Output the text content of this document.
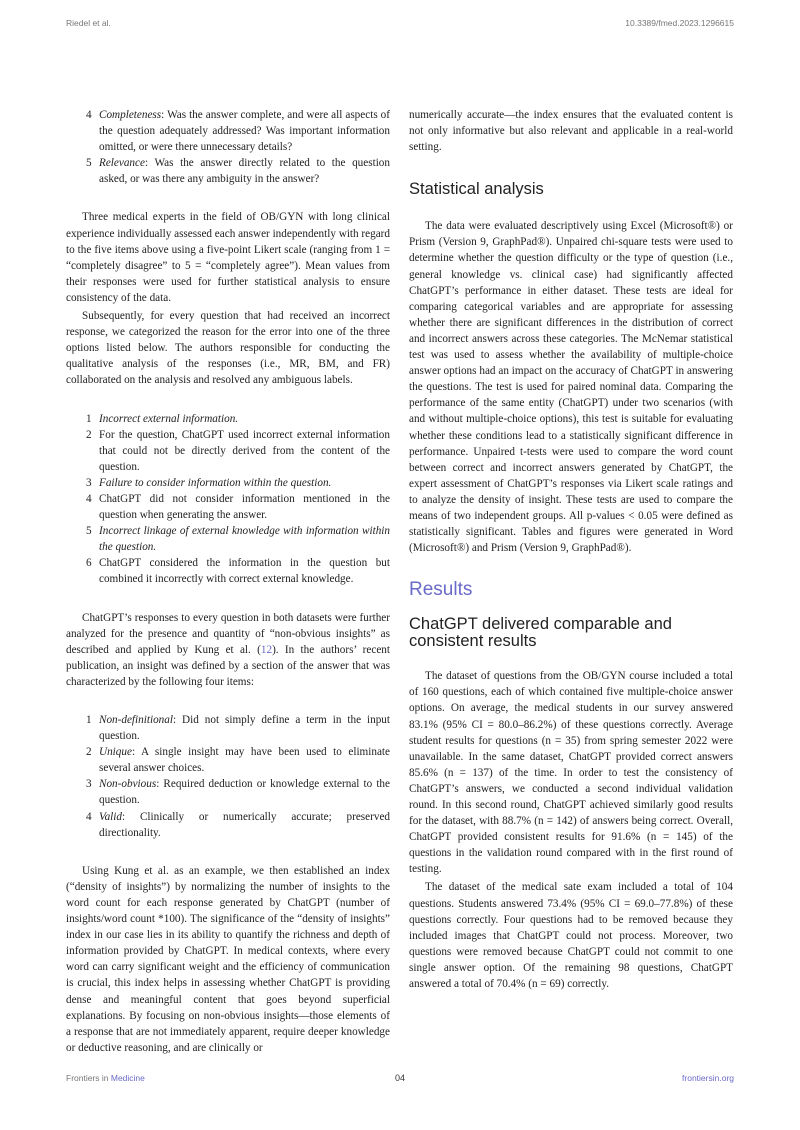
Riedel et al.	10.3389/fmed.2023.1296615
4 Completeness: Was the answer complete, and were all aspects of the question adequately addressed? Was important information omitted, or were there unnecessary details?
5 Relevance: Was the answer directly related to the question asked, or was there any ambiguity in the answer?

Three medical experts in the field of OB/GYN with long clinical experience individually assessed each answer independently with regard to the five items above using a five-point Likert scale (ranging from 1 = “completely disagree” to 5 = “completely agree”). Mean values from their responses were used for further statistical analysis to ensure consistency of the data.

Subsequently, for every question that had received an incorrect response, we categorized the reason for the error into one of the three options listed below. The authors responsible for conducting the qualitative analysis of the responses (i.e., MR, BM, and FR) collaborated on the analysis and resolved any ambiguous labels.

1 Incorrect external information.
2 For the question, ChatGPT used incorrect external information that could not be directly derived from the content of the question.
3 Failure to consider information within the question.
4 ChatGPT did not consider information mentioned in the question when generating the answer.
5 Incorrect linkage of external knowledge with information within the question.
6 ChatGPT considered the information in the question but combined it incorrectly with correct external knowledge.

ChatGPT’s responses to every question in both datasets were further analyzed for the presence and quantity of “non-obvious insights” as described and applied by Kung et al. (12). In the authors’ recent publication, an insight was defined by a section of the answer that was characterized by the following four items:

1 Non-definitional: Did not simply define a term in the input question.
2 Unique: A single insight may have been used to eliminate several answer choices.
3 Non-obvious: Required deduction or knowledge external to the question.
4 Valid: Clinically or numerically accurate; preserved directionality.

Using Kung et al. as an example, we then established an index (“density of insights”) by normalizing the number of insights to the word count for each response generated by ChatGPT (number of insights/word count *100). The significance of the “density of insights” index in our case lies in its ability to quantify the richness and depth of information provided by ChatGPT. In medical contexts, where every word can carry significant weight and the efficiency of communication is crucial, this index helps in assessing whether ChatGPT is providing dense and meaningful content that goes beyond superficial explanations. By focusing on non-obvious insights—those elements of a response that are not immediately apparent, require deeper knowledge or deductive reasoning, and are clinically or

numerically accurate—the index ensures that the evaluated content is not only informative but also relevant and applicable in a real-world setting.

Statistical analysis

The data were evaluated descriptively using Excel (Microsoft®) or Prism (Version 9, GraphPad®). Unpaired chi-square tests were used to determine whether the question difficulty or the type of question (i.e., general knowledge vs. clinical case) had significantly affected ChatGPT’s performance in either dataset. These tests are ideal for comparing categorical variables and are appropriate for assessing whether there are significant differences in the distribution of correct and incorrect answers across these categories. The McNemar statistical test was used to assess whether the availability of multiple-choice answer options had an impact on the accuracy of ChatGPT in answering the questions. The test is used for paired nominal data. Comparing the performance of the same entity (ChatGPT) under two scenarios (with and without multiple-choice options), this test is suitable for evaluating whether these conditions lead to a statistically significant difference in performance. Unpaired t-tests were used to compare the word count between correct and incorrect answers generated by ChatGPT, the expert assessment of ChatGPT’s responses via Likert scale ratings and to analyze the density of insight. These tests are used to compare the means of two independent groups. All p-values < 0.05 were defined as statistically significant. Tables and figures were generated in Word (Microsoft®) and Prism (Version 9, GraphPad®).

Results
ChatGPT delivered comparable and consistent results

The dataset of questions from the OB/GYN course included a total of 160 questions, each of which contained five multiple-choice answer options. On average, the medical students in our survey answered 83.1% (95% CI = 80.0–86.2%) of these questions correctly. Average student results for questions (n = 35) from spring semester 2022 were unavailable. In the same dataset, ChatGPT provided correct answers 85.6% (n = 137) of the time. In order to test the consistency of ChatGPT’s answers, we conducted a second individual validation round. In this second round, ChatGPT achieved similarly good results for the dataset, with 88.7% (n = 142) of answers being correct. Overall, ChatGPT provided consistent results for 91.6% (n = 145) of the questions in the validation round compared with in the first round of testing.

The dataset of the medical sate exam included a total of 104 questions. Students answered 73.4% (95% CI = 69.0–77.8%) of these questions correctly. Four questions had to be removed because they included images that ChatGPT could not process. Moreover, two questions were removed because ChatGPT could not commit to one single answer option. Of the remaining 98 questions, ChatGPT answered a total of 70.4% (n = 69) correctly.

Frontiers in Medicine	04	frontiersin.org
